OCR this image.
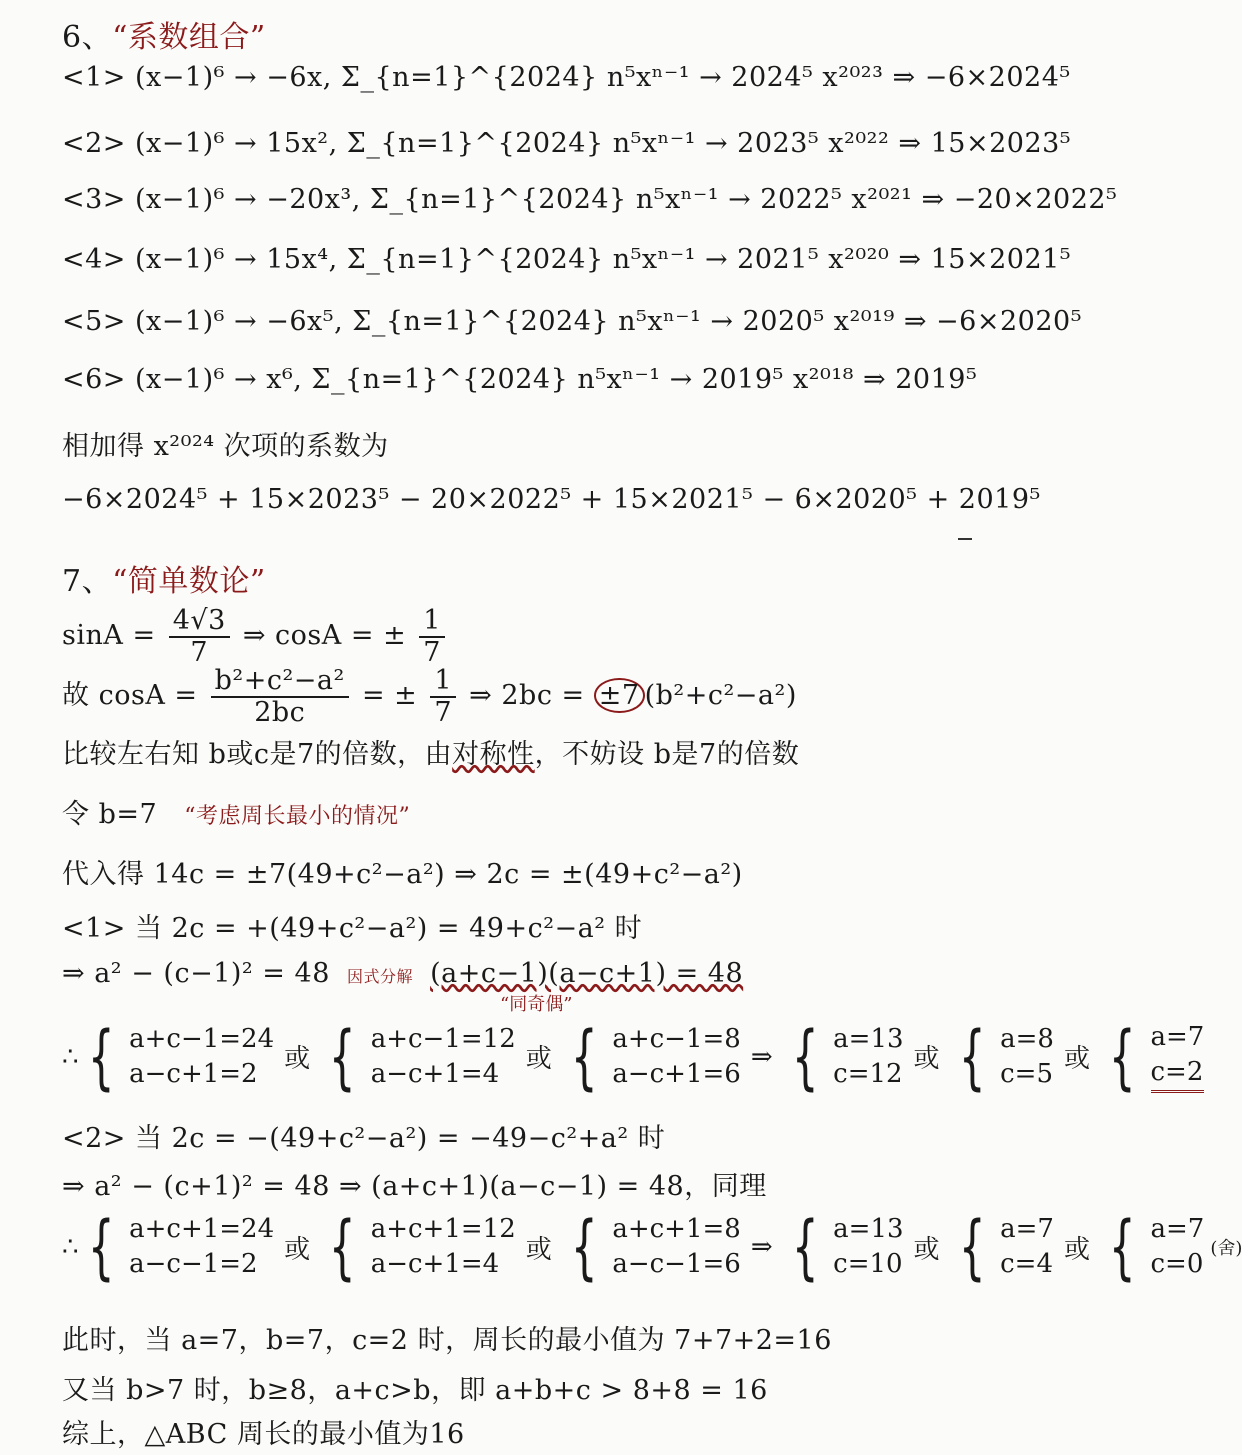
6、“系数组合”
<1> (x−1)⁶ → −6x, Σ_{n=1}^{2024} n⁵xⁿ⁻¹ → 2024⁵ x²⁰²³ ⇒ −6×2024⁵
<2> (x−1)⁶ → 15x², Σ_{n=1}^{2024} n⁵xⁿ⁻¹ → 2023⁵ x²⁰²² ⇒ 15×2023⁵
<3> (x−1)⁶ → −20x³, Σ_{n=1}^{2024} n⁵xⁿ⁻¹ → 2022⁵ x²⁰²¹ ⇒ −20×2022⁵
<4> (x−1)⁶ → 15x⁴, Σ_{n=1}^{2024} n⁵xⁿ⁻¹ → 2021⁵ x²⁰²⁰ ⇒ 15×2021⁵
<5> (x−1)⁶ → −6x⁵, Σ_{n=1}^{2024} n⁵xⁿ⁻¹ → 2020⁵ x²⁰¹⁹ ⇒ −6×2020⁵
<6> (x−1)⁶ → x⁶, Σ_{n=1}^{2024} n⁵xⁿ⁻¹ → 2019⁵ x²⁰¹⁸ ⇒ 2019⁵
相加得 x²⁰²⁴ 次项的系数为
−6×2024⁵ + 15×2023⁵ − 20×2022⁵ + 15×2021⁵ − 6×2020⁵ + 2019⁵
7、“简单数论”
$\sin A = \frac{4√3}{7}$ ⇒ cosA = ± $\frac{1}{7}$
故 $\cos A = \frac{\text{b²+c²−a²}}{2bc}$ = ± $\frac{1}{7}$ ⇒ 2bc = ±7 (b²+c²−a²)
比较左右知 b或c是7的倍数，由对称性，不妨设 b是7的倍数
令 b=7 “考虑周长最小的情况”
代入得 14c = ±7(49+c²−a²) ⇒ 2c = ±(49+c²−a²)
<1> 当 2c = +(49+c²−a²) = 49+c²−a² 时
⇒ a² − (c−1)² = 48 因式分解 (a+c−1)(a−c+1) = 48
“同奇偶”
∴ { a+c−1=24
a−c+1=2	或 { a+c−1=12
a−c+1=4	或 { a+c−1=8
a−c+1=6
⇒ { a=13
c=12 或 { a=8
c=5 或 { a=7
c=2
<2> 当 2c = −(49+c²−a²) = −49−c²+a² 时
⇒ a² − (c+1)² = 48 ⇒ (a+c+1)(a−c−1) = 48，同理
∴ { a+c+1=24
a−c−1=2	或 { a+c+1=12
a−c+1=4	或 { a+c+1=8
a−c−1=6
⇒ { a=13
c=10 或 { a=7
c=4 或 { a=7
c=0
(舍)
此时，当 a=7，b=7，c=2 时，周长的最小值为 7+7+2=16
又当 b>7 时，b≥8，a+c>b，即 a+b+c > 8+8 = 16
综上，△ABC 周长的最小值为16
